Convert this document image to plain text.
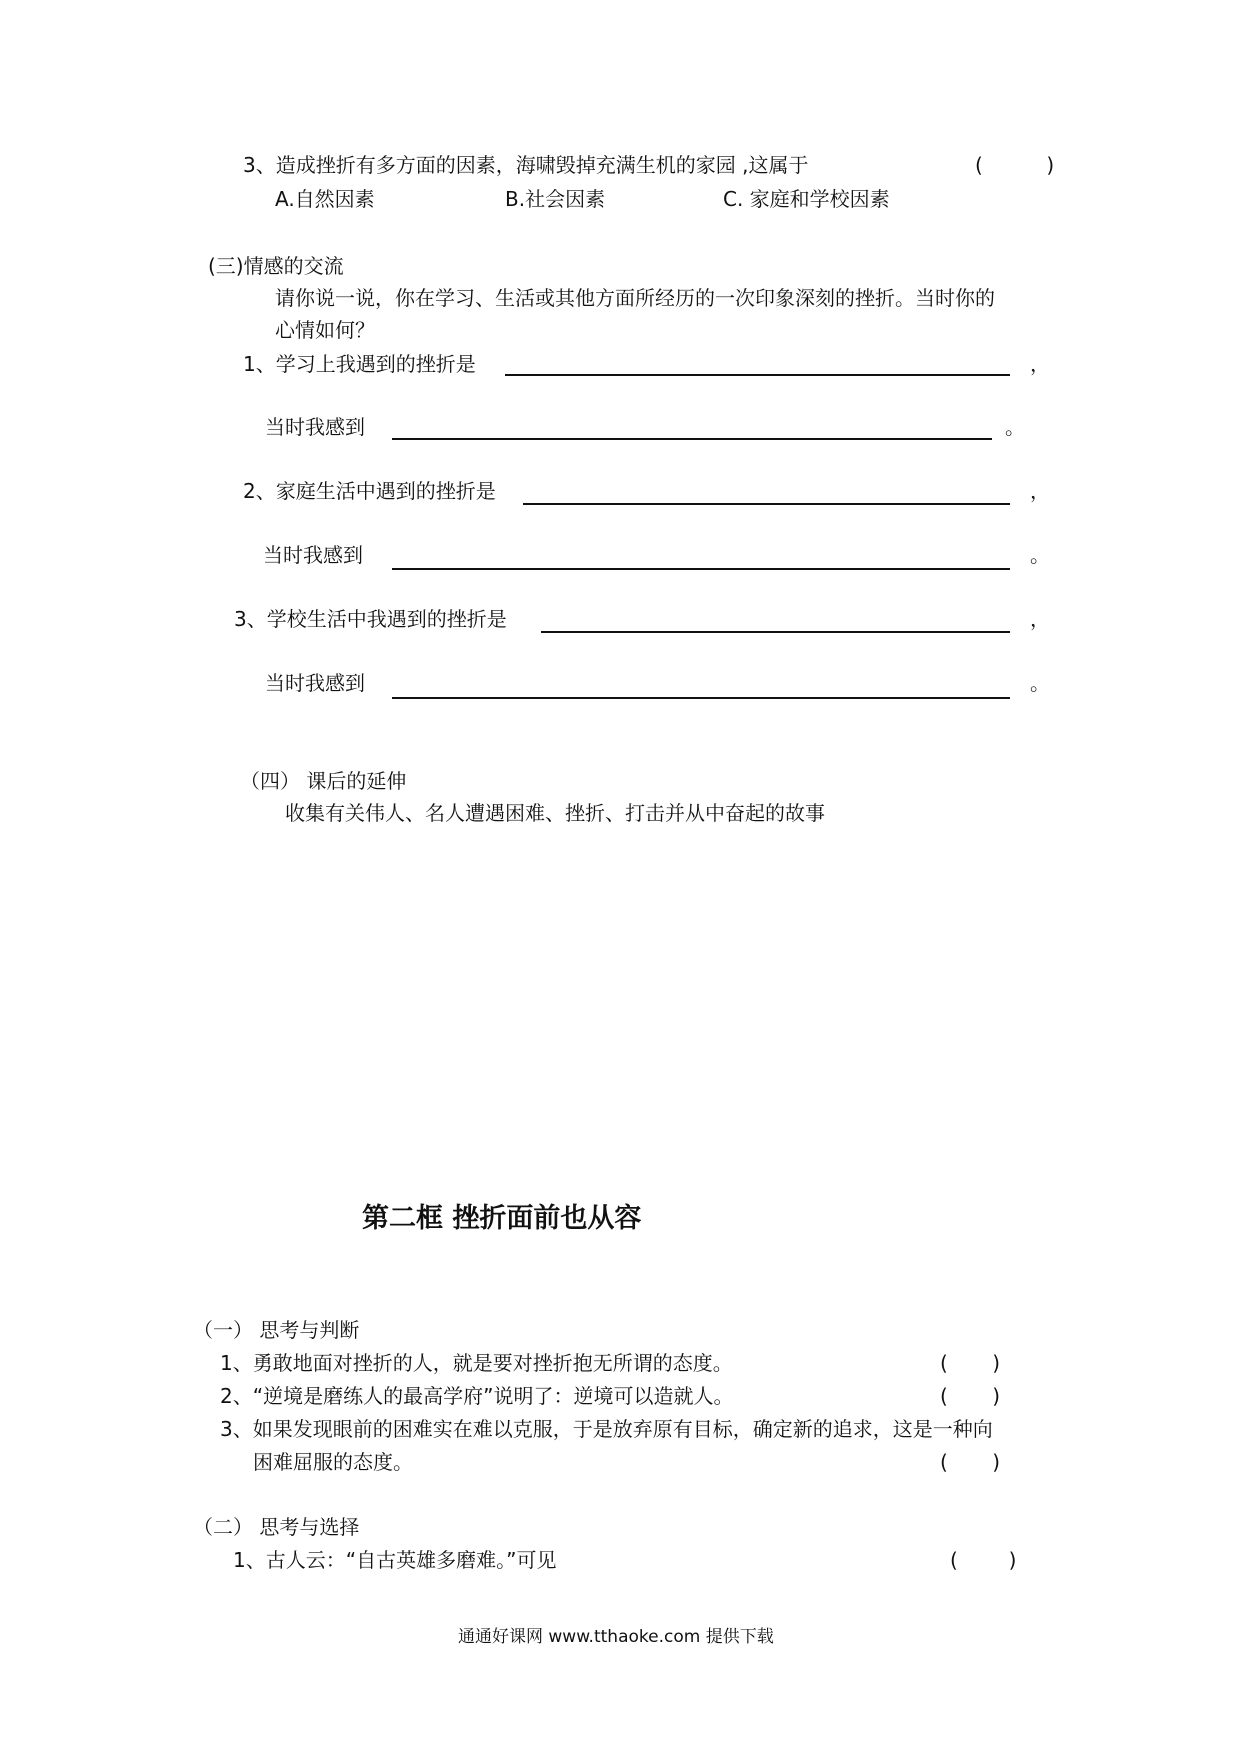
3、造成挫折有多方面的因素，海啸毁掉充满生机的家园 ,这属于	(          )
A.自然因素	B.社会因素	C. 家庭和学校因素
(三)情感的交流
请你说一说，你在学习、生活或其他方面所经历的一次印象深刻的挫折。当时你的
心情如何？
1、学习上我遇到的挫折是	，
当时我感到	。
2、家庭生活中遇到的挫折是	，
当时我感到	。
3、学校生活中我遇到的挫折是	，
当时我感到	。
（四） 课后的延伸
收集有关伟人、名人遭遇困难、挫折、打击并从中奋起的故事
第二框 挫折面前也从容
（一） 思考与判断
1、勇敢地面对挫折的人，就是要对挫折抱无所谓的态度。	(       )
2、“逆境是磨练人的最高学府”说明了：逆境可以造就人。	(       )
3、如果发现眼前的困难实在难以克服，于是放弃原有目标，确定新的追求，这是一种向
困难屈服的态度。	(       )
（二） 思考与选择
1、古人云：“自古英雄多磨难。”可见	(        )
通通好课网 www.tthaoke.com 提供下载
